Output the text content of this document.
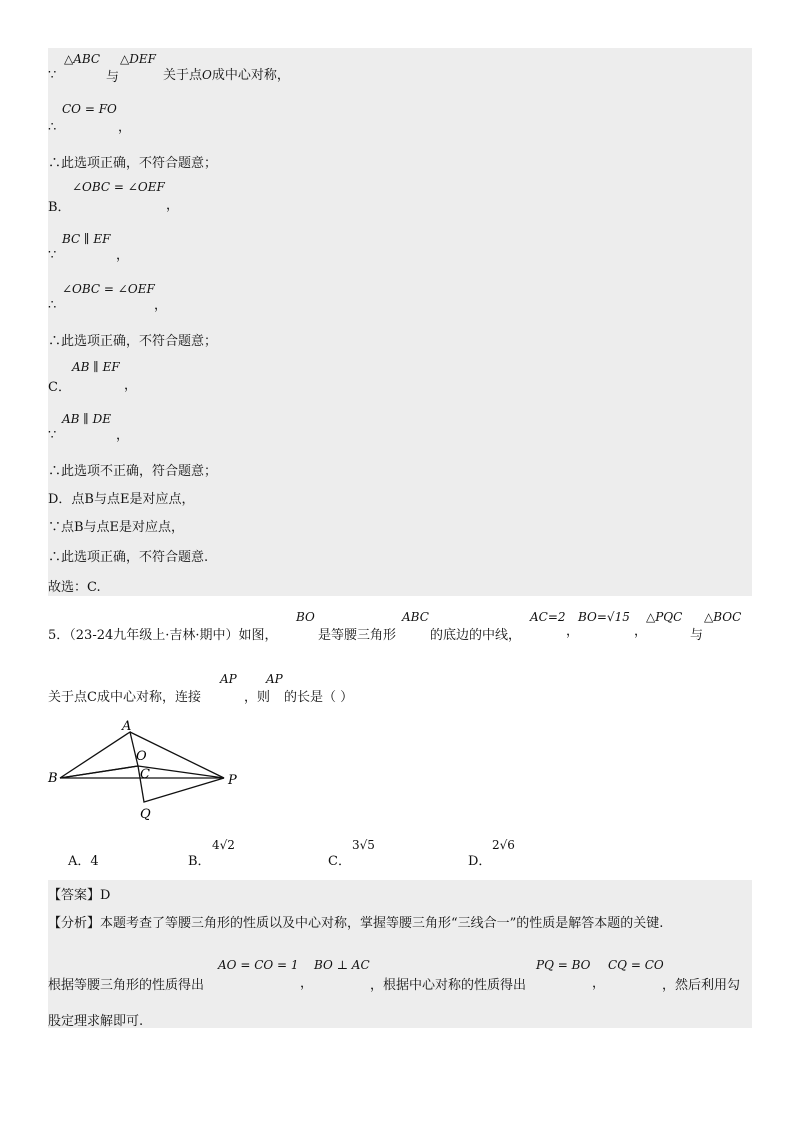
∵
△ABC
与
△DEF
关于点O成中心对称，
∴
CO = FO
，
∴此选项正确，不符合题意；
B．
∠OBC = ∠OEF
，
∵
BC ∥ EF
，
∴
∠OBC = ∠OEF
，
∴此选项正确，不符合题意；
C．
AB ∥ EF
，
∵
AB ∥ DE
，
∴此选项不正确，符合题意；
D．点B与点E是对应点，
∵点B与点E是对应点，
∴此选项正确，不符合题意.
故选：C.
5．（23-24九年级上·吉林·期中）如图，
BO
是等腰三角形
ABC
的底边的中线，
AC=2
，
BO=√15
，
△PQC
与
△BOC
关于点C成中心对称，连接
AP
，则
AP
的长是（ ）
A
O
B	C	P
Q
A．4	B．
4√2
C．
3√5
D．
2√6
【答案】D
【分析】本题考查了等腰三角形的性质以及中心对称，掌握等腰三角形“三线合一”的性质是解答本题的关键.
根据等腰三角形的性质得出
AO = CO = 1
，
BO ⊥ AC
，根据中心对称的性质得出
PQ = BO
，
CQ = CO
，然后利用勾
股定理求解即可.
